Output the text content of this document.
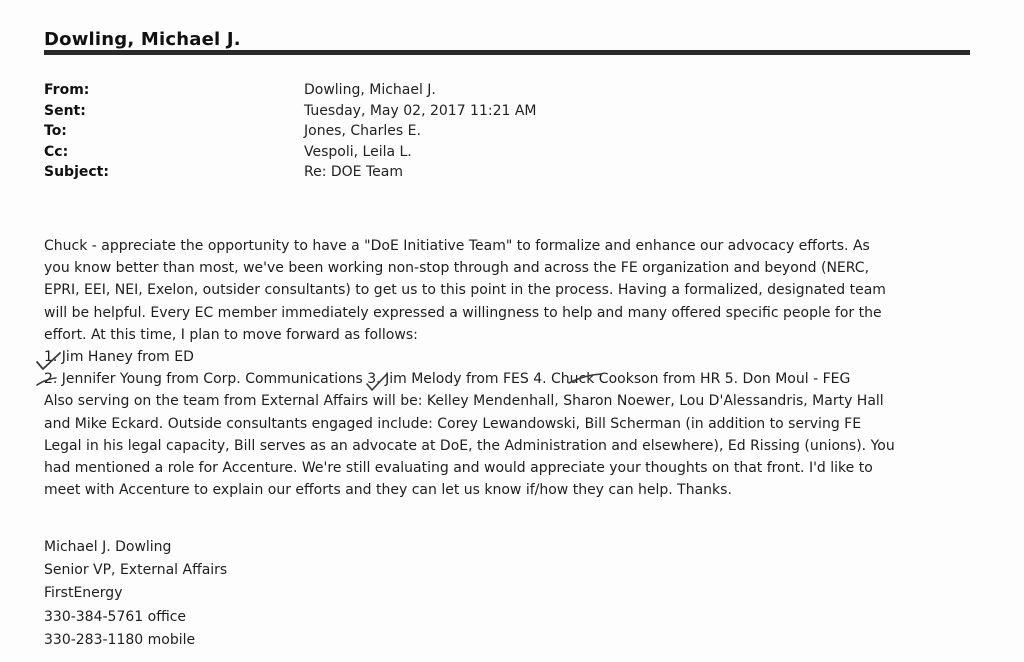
Dowling, Michael J.
From:	Dowling, Michael J.
Sent:	Tuesday, May 02, 2017 11:21 AM
To:	Jones, Charles E.
Cc:	Vespoli, Leila L.
Subject:	Re: DOE Team

Chuck - appreciate the opportunity to have a "DoE Initiative Team" to formalize and enhance our advocacy efforts. As

you know better than most, we've been working non-stop through and across the FE organization and beyond (NERC,

EPRI, EEI, NEI, Exelon, outsider consultants) to get us to this point in the process. Having a formalized, designated team

will be helpful. Every EC member immediately expressed a willingness to help and many offered specific people for the

effort. At this time, I plan to move forward as follows:

1. Jim Haney from ED

2. Jennifer Young from Corp. Communications 3. Jim Melody from FES 4. Chuck Cookson from HR 5. Don Moul - FEG

Also serving on the team from External Affairs will be: Kelley Mendenhall, Sharon Noewer, Lou D'Alessandris, Marty Hall

and Mike Eckard. Outside consultants engaged include: Corey Lewandowski, Bill Scherman (in addition to serving FE

Legal in his legal capacity, Bill serves as an advocate at DoE, the Administration and elsewhere), Ed Rissing (unions). You

had mentioned a role for Accenture. We're still evaluating and would appreciate your thoughts on that front. I'd like to

meet with Accenture to explain our efforts and they can let us know if/how they can help. Thanks.

Michael J. Dowling
Senior VP, External Affairs
FirstEnergy
330-384-5761 office
330-283-1180 mobile
